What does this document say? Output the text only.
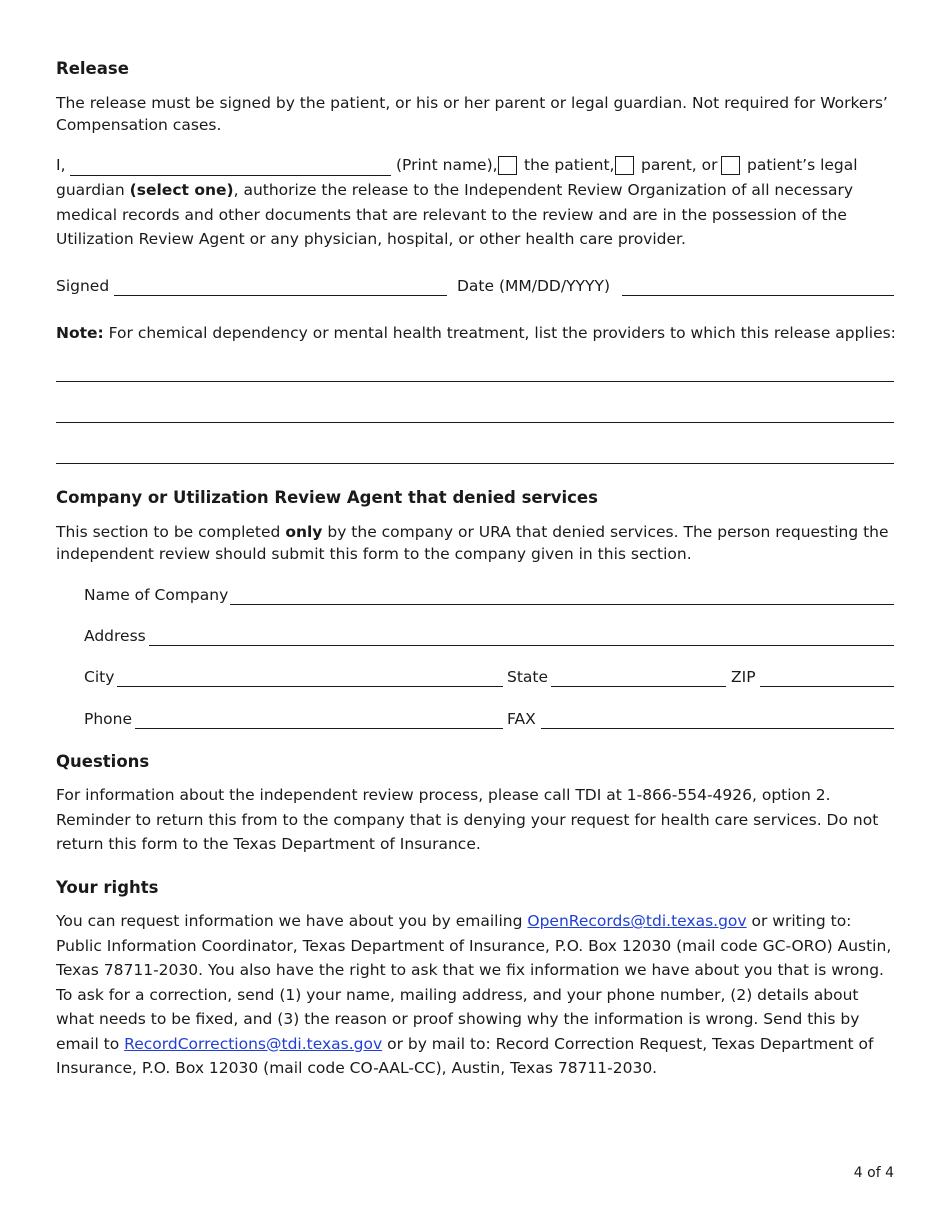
Release
The release must be signed by the patient, or his or her parent or legal guardian. Not required for Workers’ Compensation cases.
I,	(Print name), the patient, parent, or patient’s legal
guardian (select one), authorize the release to the Independent Review Organization of all necessary medical records and other documents that are relevant to the review and are in the possession of the Utilization Review Agent or any physician, hospital, or other health care provider.
Signed	Date (MM/DD/YYYY)
Note: For chemical dependency or mental health treatment, list the providers to which this release applies:
Company or Utilization Review Agent that denied services
This section to be completed only by the company or URA that denied services. The person requesting the independent review should submit this form to the company given in this section.
Name of Company
Address
City	State	ZIP
Phone	FAX
Questions
For information about the independent review process, please call TDI at 1-866-554-4926, option 2. Reminder to return this from to the company that is denying your request for health care services. Do not return this form to the Texas Department of Insurance.
Your rights
You can request information we have about you by emailing OpenRecords@tdi.texas.gov or writing to: Public Information Coordinator, Texas Department of Insurance, P.O. Box 12030 (mail code GC-ORO) Austin, Texas 78711-2030. You also have the right to ask that we fix information we have about you that is wrong. To ask for a correction, send (1) your name, mailing address, and your phone number, (2) details about what needs to be fixed, and (3) the reason or proof showing why the information is wrong. Send this by email to RecordCorrections@tdi.texas.gov or by mail to: Record Correction Request, Texas Department of Insurance, P.O. Box 12030 (mail code CO-AAL-CC), Austin, Texas 78711-2030.
4 of 4
